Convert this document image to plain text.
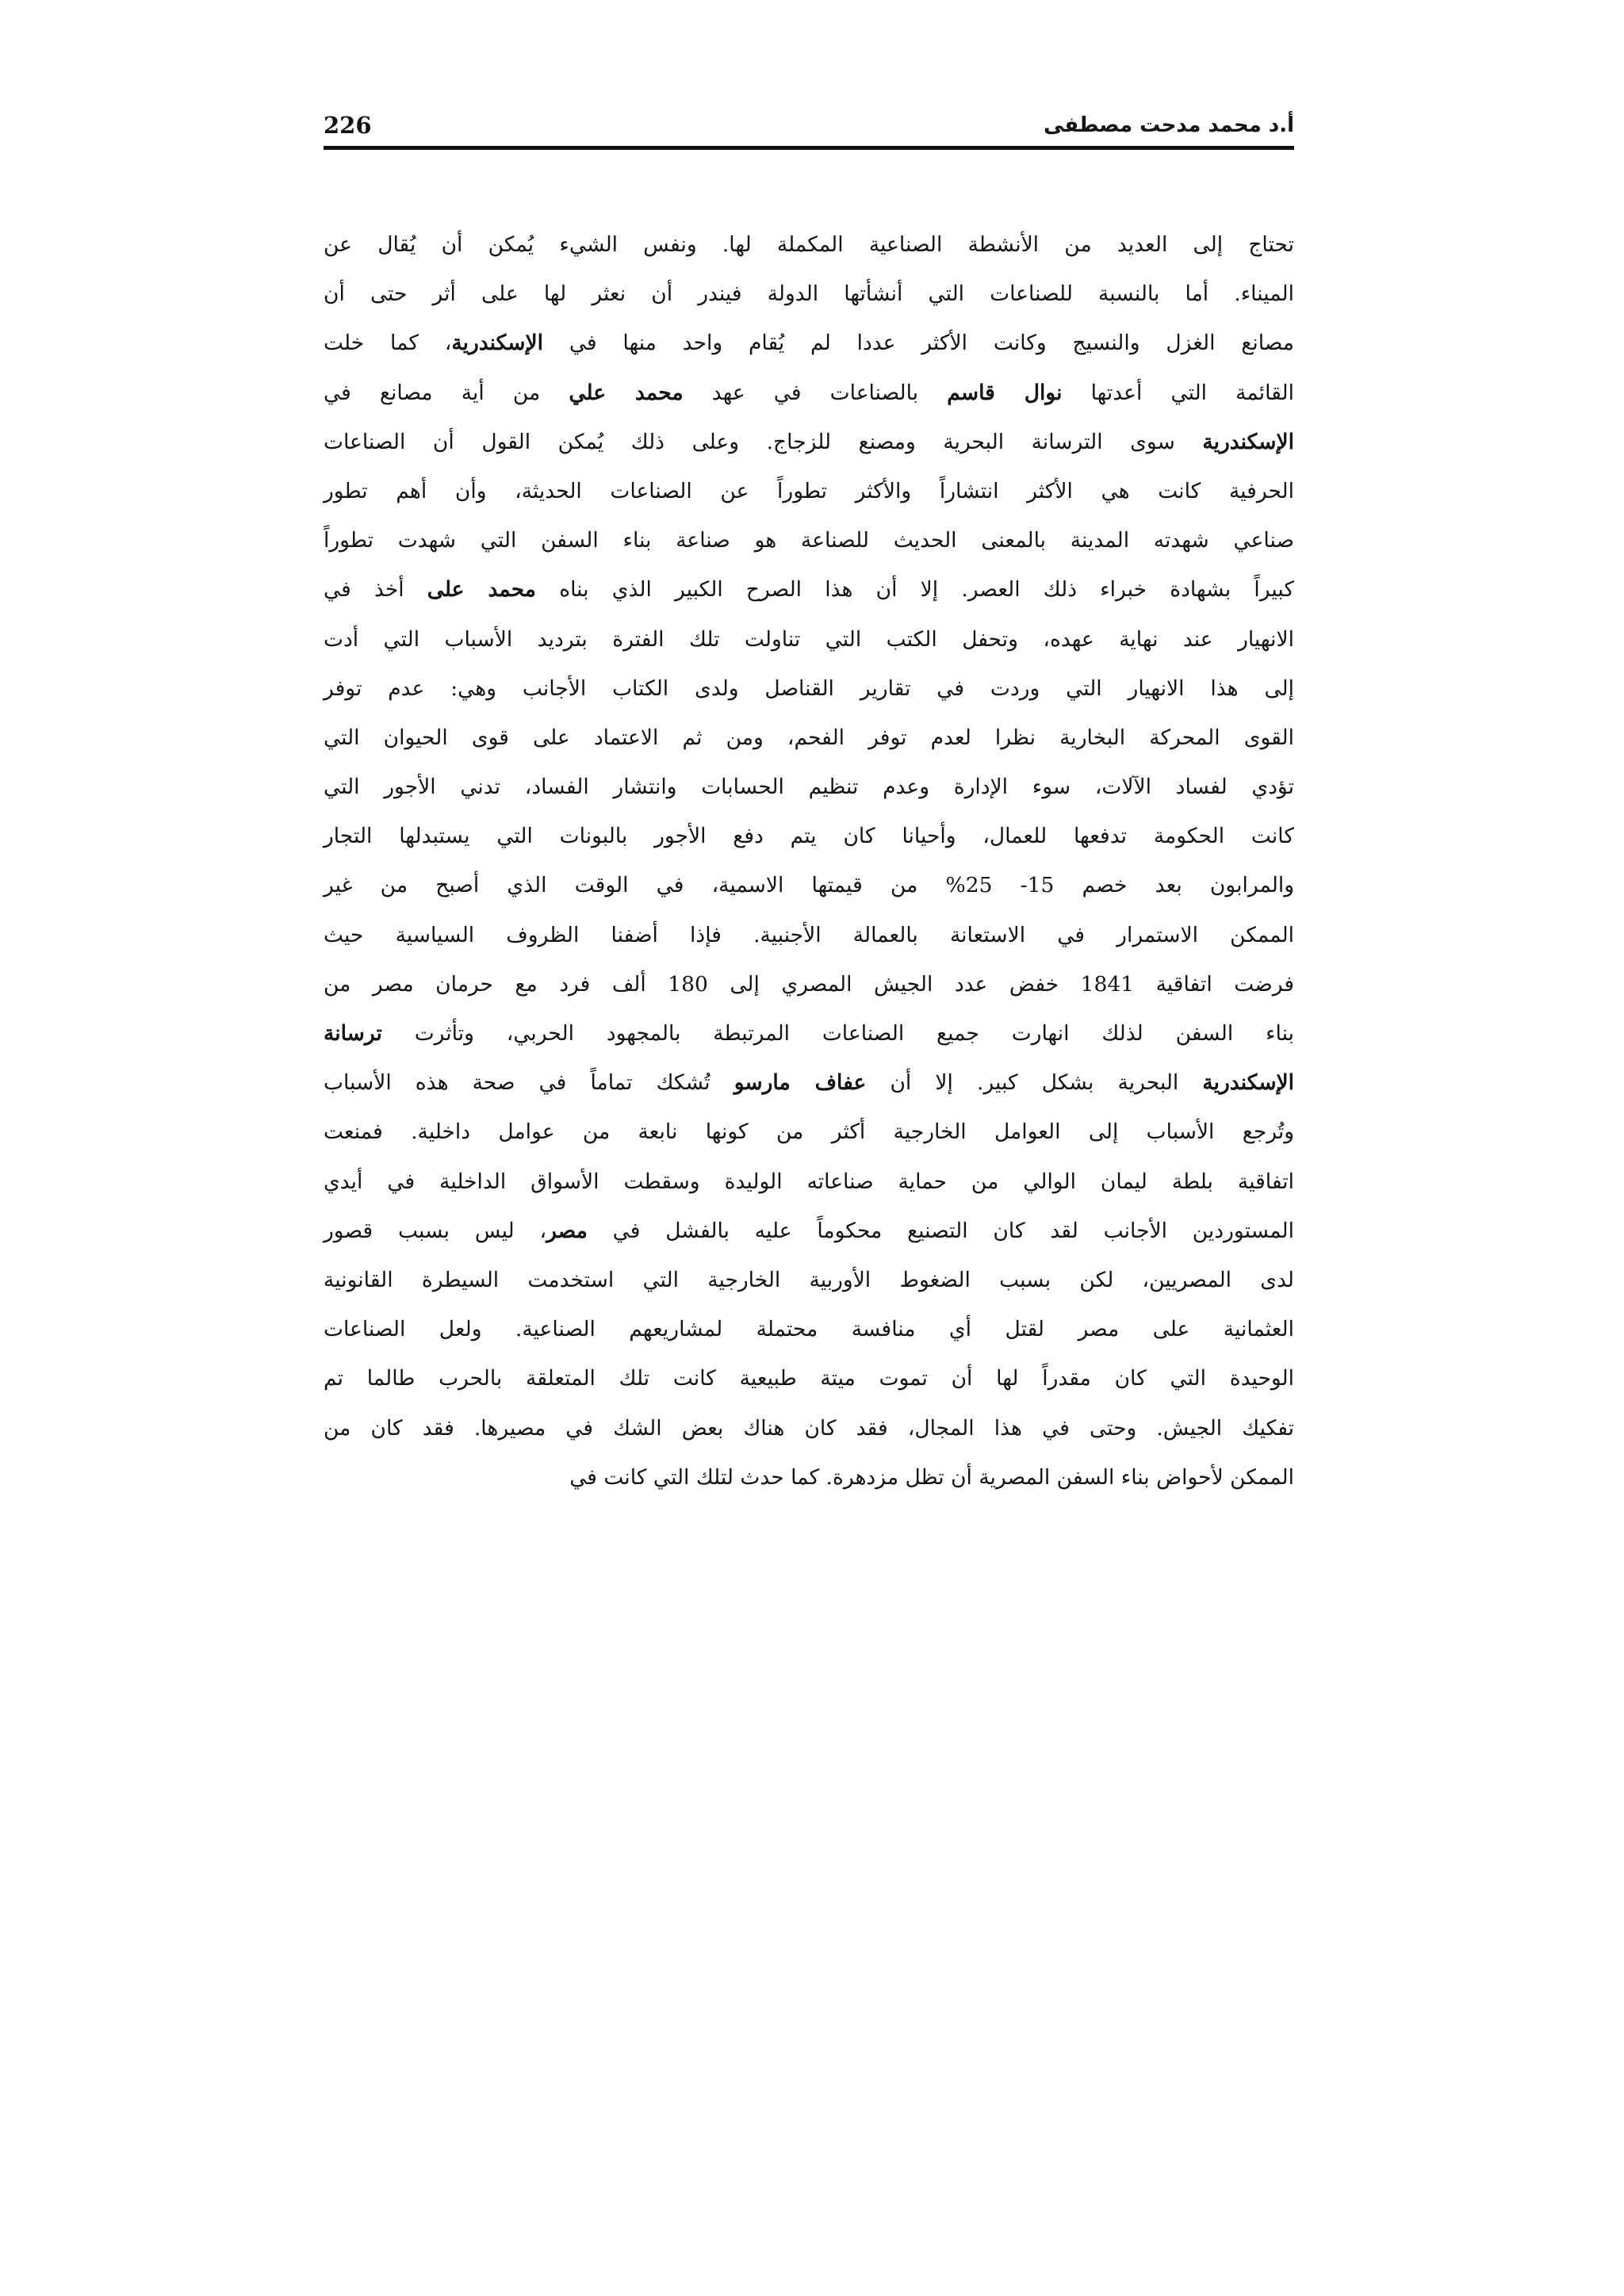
226	أ.د محمد مدحت مصطفى
تحتاج إلى العديد من الأنشطة الصناعية المكملة لها. ونفس الشيء يُمكن أن يُقال عن
الميناء. أما بالنسبة للصناعات التي أنشأتها الدولة فيندر أن نعثر لها على أثر حتى أن
مصانع الغزل والنسيج وكانت الأكثر عددا لم يُقام واحد منها في الإسكندرية، كما خلت
القائمة التي أعدتها نوال قاسم بالصناعات في عهد محمد علي من أية مصانع في
الإسكندرية سوى الترسانة البحرية ومصنع للزجاج. وعلى ذلك يُمكن القول أن الصناعات
الحرفية كانت هي الأكثر انتشاراً والأكثر تطوراً عن الصناعات الحديثة، وأن أهم تطور
صناعي شهدته المدينة بالمعنى الحديث للصناعة هو صناعة بناء السفن التي شهدت تطوراً
كبيراً بشهادة خبراء ذلك العصر. إلا أن هذا الصرح الكبير الذي بناه محمد على أخذ في
الانهيار عند نهاية عهده، وتحفل الكتب التي تناولت تلك الفترة بترديد الأسباب التي أدت
إلى هذا الانهيار التي وردت في تقارير القناصل ولدى الكتاب الأجانب وهي: عدم توفر
القوى المحركة البخارية نظرا لعدم توفر الفحم، ومن ثم الاعتماد على قوى الحيوان التي
تؤدي لفساد الآلات، سوء الإدارة وعدم تنظيم الحسابات وانتشار الفساد، تدني الأجور التي
كانت الحكومة تدفعها للعمال، وأحيانا كان يتم دفع الأجور بالبونات التي يستبدلها التجار
والمرابون بعد خصم 15- 25% من قيمتها الاسمية، في الوقت الذي أصبح من غير
الممكن الاستمرار في الاستعانة بالعمالة الأجنبية. فإذا أضفنا الظروف السياسية حيث
فرضت اتفاقية 1841 خفض عدد الجيش المصري إلى 180 ألف فرد مع حرمان مصر من
بناء السفن لذلك انهارت جميع الصناعات المرتبطة بالمجهود الحربي، وتأثرت ترسانة
الإسكندرية البحرية بشكل كبير. إلا أن عفاف مارسو تُشكك تماماً في صحة هذه الأسباب
وتُرجع الأسباب إلى العوامل الخارجية أكثر من كونها نابعة من عوامل داخلية. فمنعت
اتفاقية بلطة ليمان الوالي من حماية صناعاته الوليدة وسقطت الأسواق الداخلية في أيدي
المستوردين الأجانب لقد كان التصنيع محكوماً عليه بالفشل في مصر، ليس بسبب قصور
لدى المصريين، لكن بسبب الضغوط الأوربية الخارجية التي استخدمت السيطرة القانونية
العثمانية على مصر لقتل أي منافسة محتملة لمشاريعهم الصناعية. ولعل الصناعات
الوحيدة التي كان مقدراً لها أن تموت ميتة طبيعية كانت تلك المتعلقة بالحرب طالما تم
تفكيك الجيش. وحتى في هذا المجال، فقد كان هناك بعض الشك في مصيرها. فقد كان من
الممكن لأحواض بناء السفن المصرية أن تظل مزدهرة. كما حدث لتلك التي كانت في
